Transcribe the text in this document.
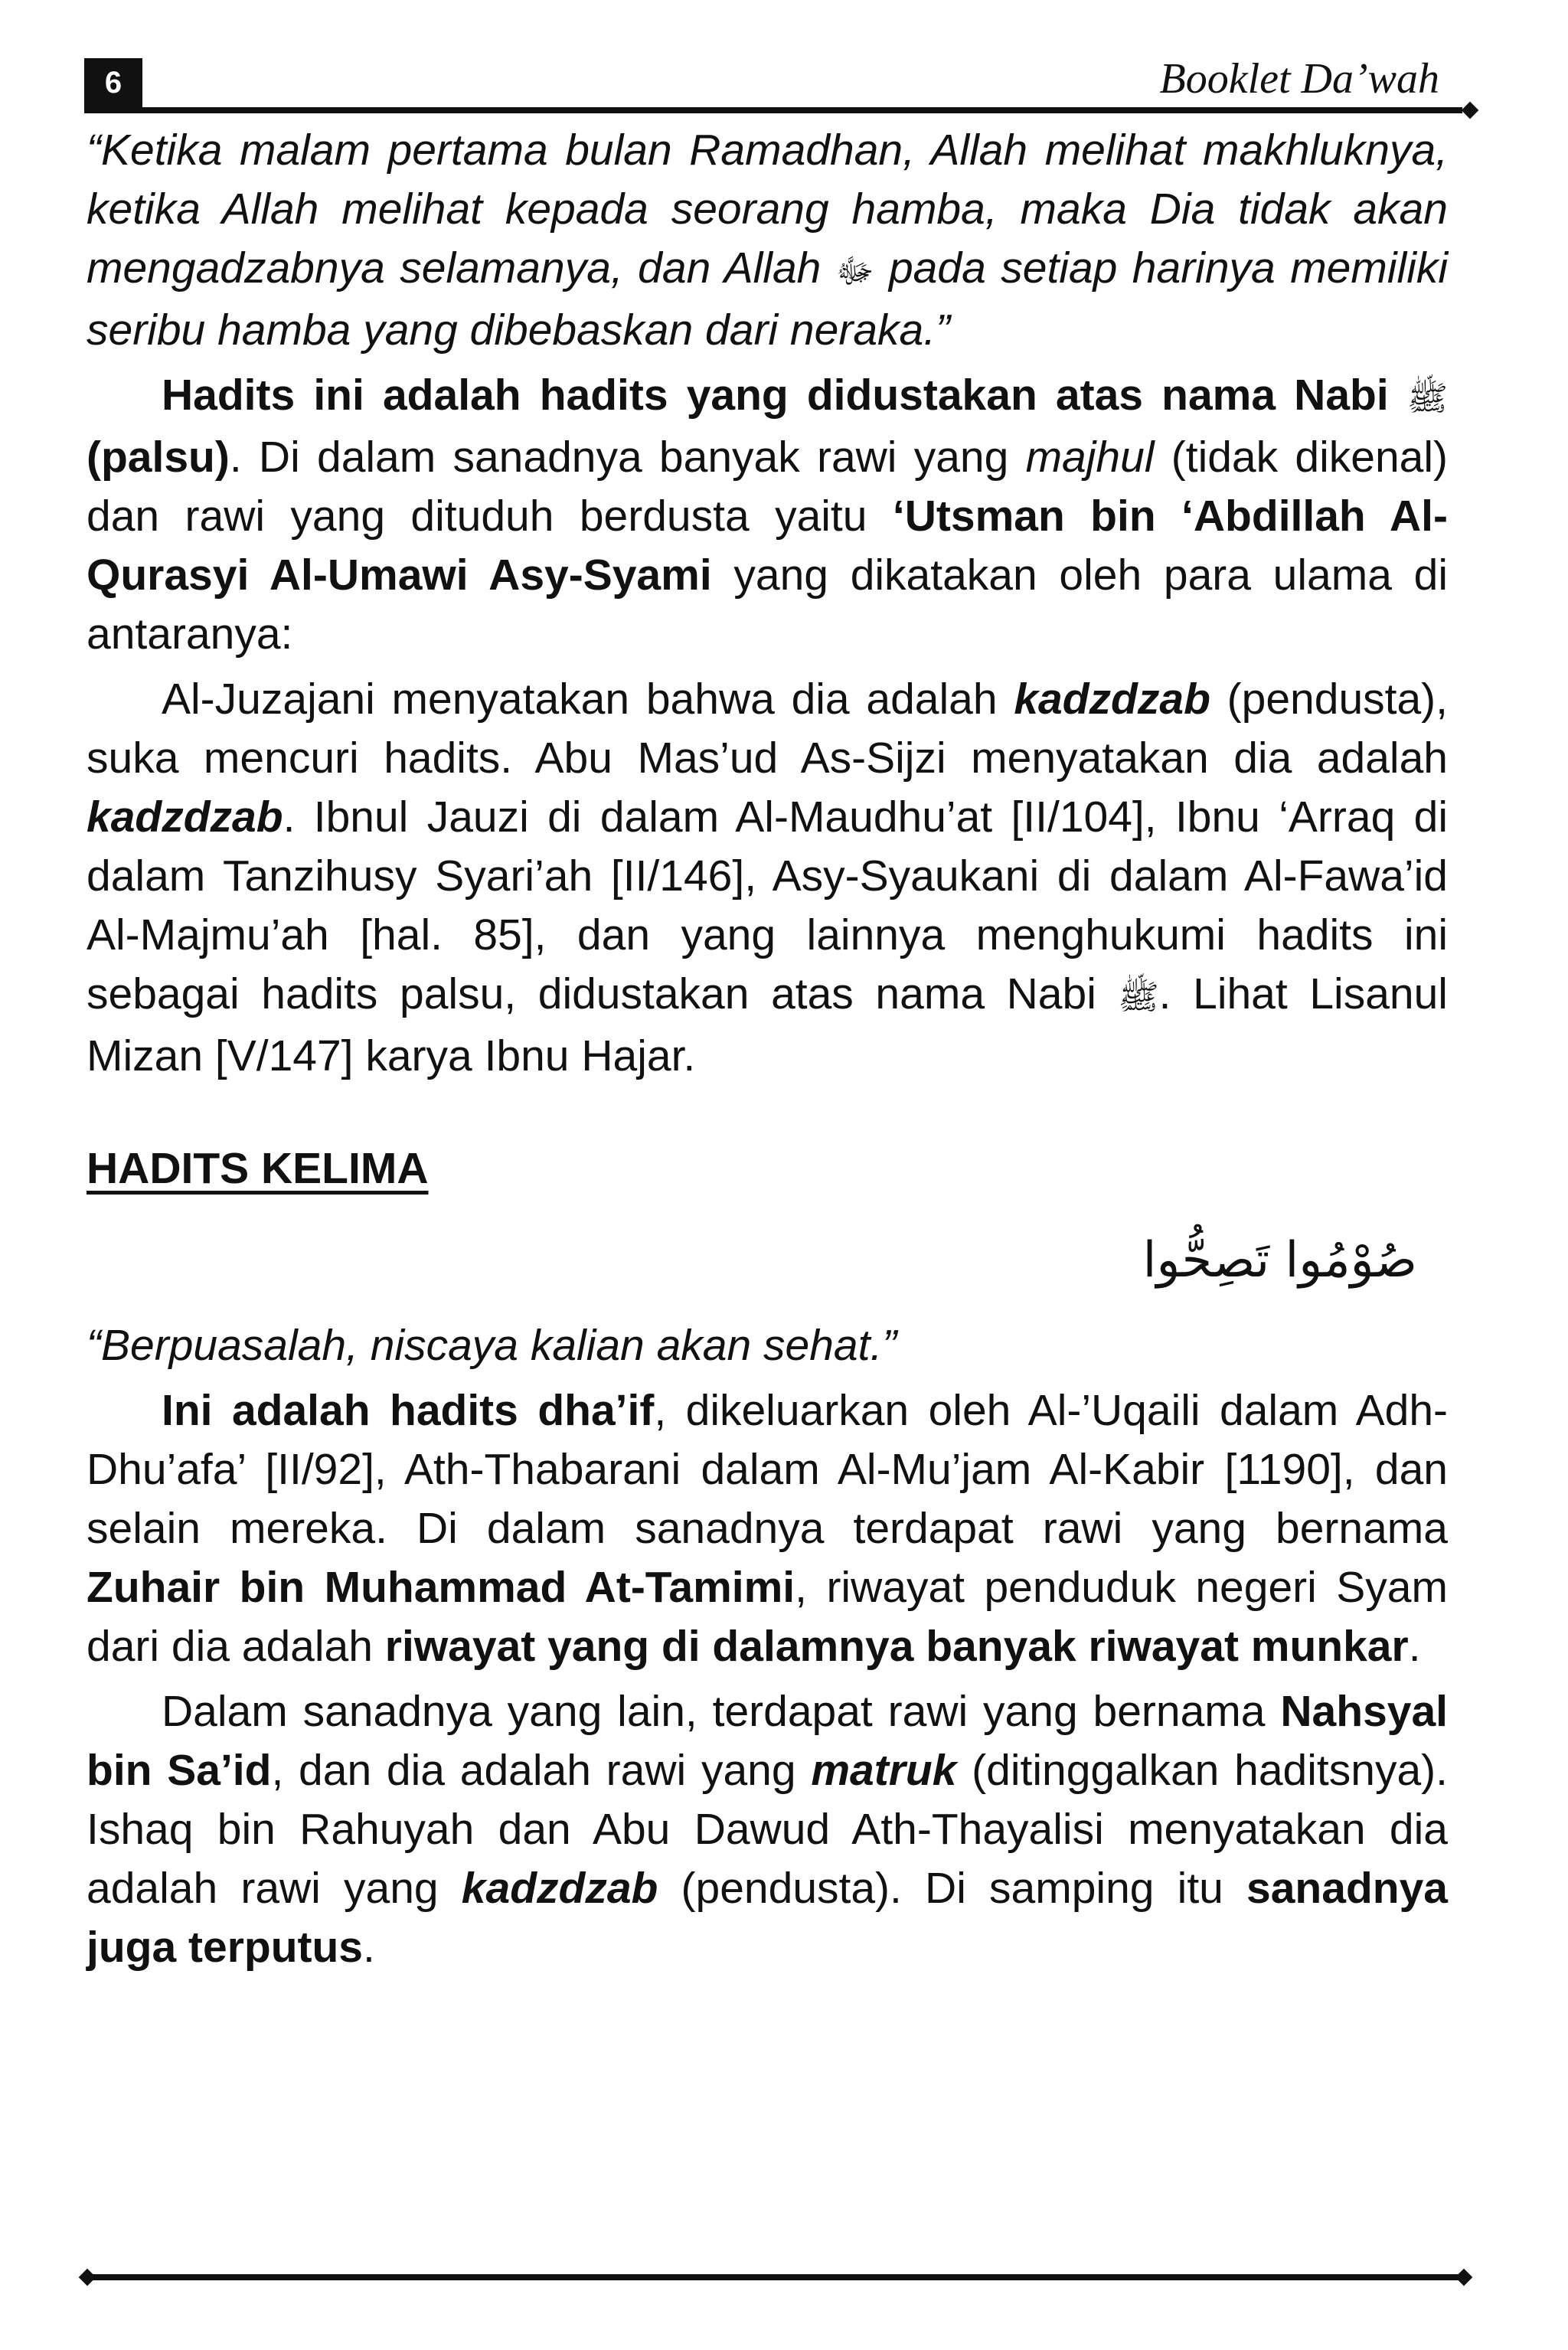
6	Booklet Da’wah

“Ketika malam pertama bulan Ramadhan, Allah melihat makhluknya, ketika Allah melihat kepada seorang hamba, maka Dia tidak akan mengadzabnya selamanya, dan Allah ﷻ pada setiap harinya memiliki seribu hamba yang dibebaskan dari neraka.”

Hadits ini adalah hadits yang didustakan atas nama Nabi ﷺ (palsu). Di dalam sanadnya banyak rawi yang majhul (tidak dikenal) dan rawi yang dituduh berdusta yaitu ‘Utsman bin ‘Abdillah Al-Qurasyi Al-Umawi Asy-Syami yang dikatakan oleh para ulama di antaranya:

Al-Juzajani menyatakan bahwa dia adalah kadzdzab (pendusta), suka mencuri hadits. Abu Mas’ud As-Sijzi menyatakan dia adalah kadzdzab. Ibnul Jauzi di dalam Al-Maudhu’at [II/104], Ibnu ‘Arraq di dalam Tanzihusy Syari’ah [II/146], Asy-Syaukani di dalam Al-Fawa’id Al-Majmu’ah [hal. 85], dan yang lainnya menghukumi hadits ini sebagai hadits palsu, didustakan atas nama Nabi ﷺ. Lihat Lisanul Mizan [V/147] karya Ibnu Hajar.

HADITS KELIMA

صُوْمُوا تَصِحُّوا

“Berpuasalah, niscaya kalian akan sehat.”

Ini adalah hadits dha’if, dikeluarkan oleh Al-’Uqaili dalam Adh-Dhu’afa’ [II/92], Ath-Thabarani dalam Al-Mu’jam Al-Kabir [1190], dan selain mereka. Di dalam sanadnya terdapat rawi yang bernama Zuhair bin Muhammad At-Tamimi, riwayat penduduk negeri Syam dari dia adalah riwayat yang di dalamnya banyak riwayat munkar.

Dalam sanadnya yang lain, terdapat rawi yang bernama Nahsyal bin Sa’id, dan dia adalah rawi yang matruk (ditinggalkan haditsnya). Ishaq bin Rahuyah dan Abu Dawud Ath-Thayalisi menyatakan dia adalah rawi yang kadzdzab (pendusta). Di samping itu sanadnya juga terputus.
